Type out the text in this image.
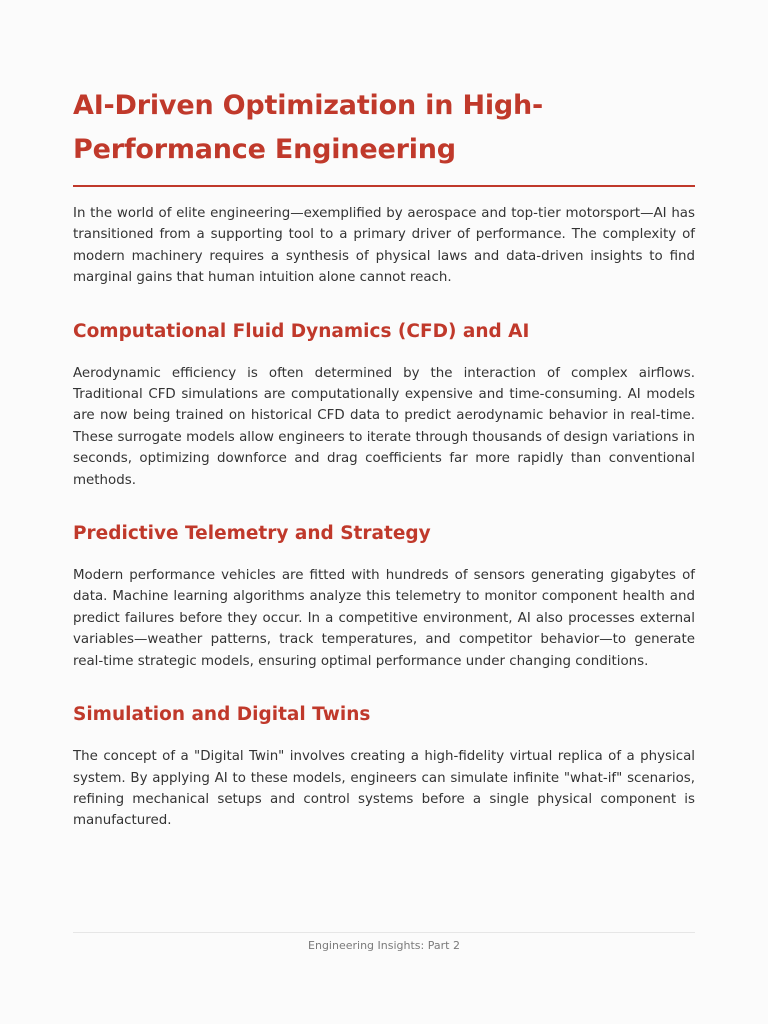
AI-Driven Optimization in High-Performance Engineering

In the world of elite engineering—exemplified by aerospace and top-tier motorsport—AI has transitioned from a supporting tool to a primary driver of performance. The complexity of modern machinery requires a synthesis of physical laws and data-driven insights to find marginal gains that human intuition alone cannot reach.

Computational Fluid Dynamics (CFD) and AI

Aerodynamic efficiency is often determined by the interaction of complex airflows. Traditional CFD simulations are computationally expensive and time-consuming. AI models are now being trained on historical CFD data to predict aerodynamic behavior in real-time. These surrogate models allow engineers to iterate through thousands of design variations in seconds, optimizing downforce and drag coefficients far more rapidly than conventional methods.

Predictive Telemetry and Strategy

Modern performance vehicles are fitted with hundreds of sensors generating gigabytes of data. Machine learning algorithms analyze this telemetry to monitor component health and predict failures before they occur. In a competitive environment, AI also processes external variables—weather patterns, track temperatures, and competitor behavior—to generate real-time strategic models, ensuring optimal performance under changing conditions.

Simulation and Digital Twins

The concept of a "Digital Twin" involves creating a high-fidelity virtual replica of a physical system. By applying AI to these models, engineers can simulate infinite "what-if" scenarios, refining mechanical setups and control systems before a single physical component is manufactured.

Engineering Insights: Part 2
